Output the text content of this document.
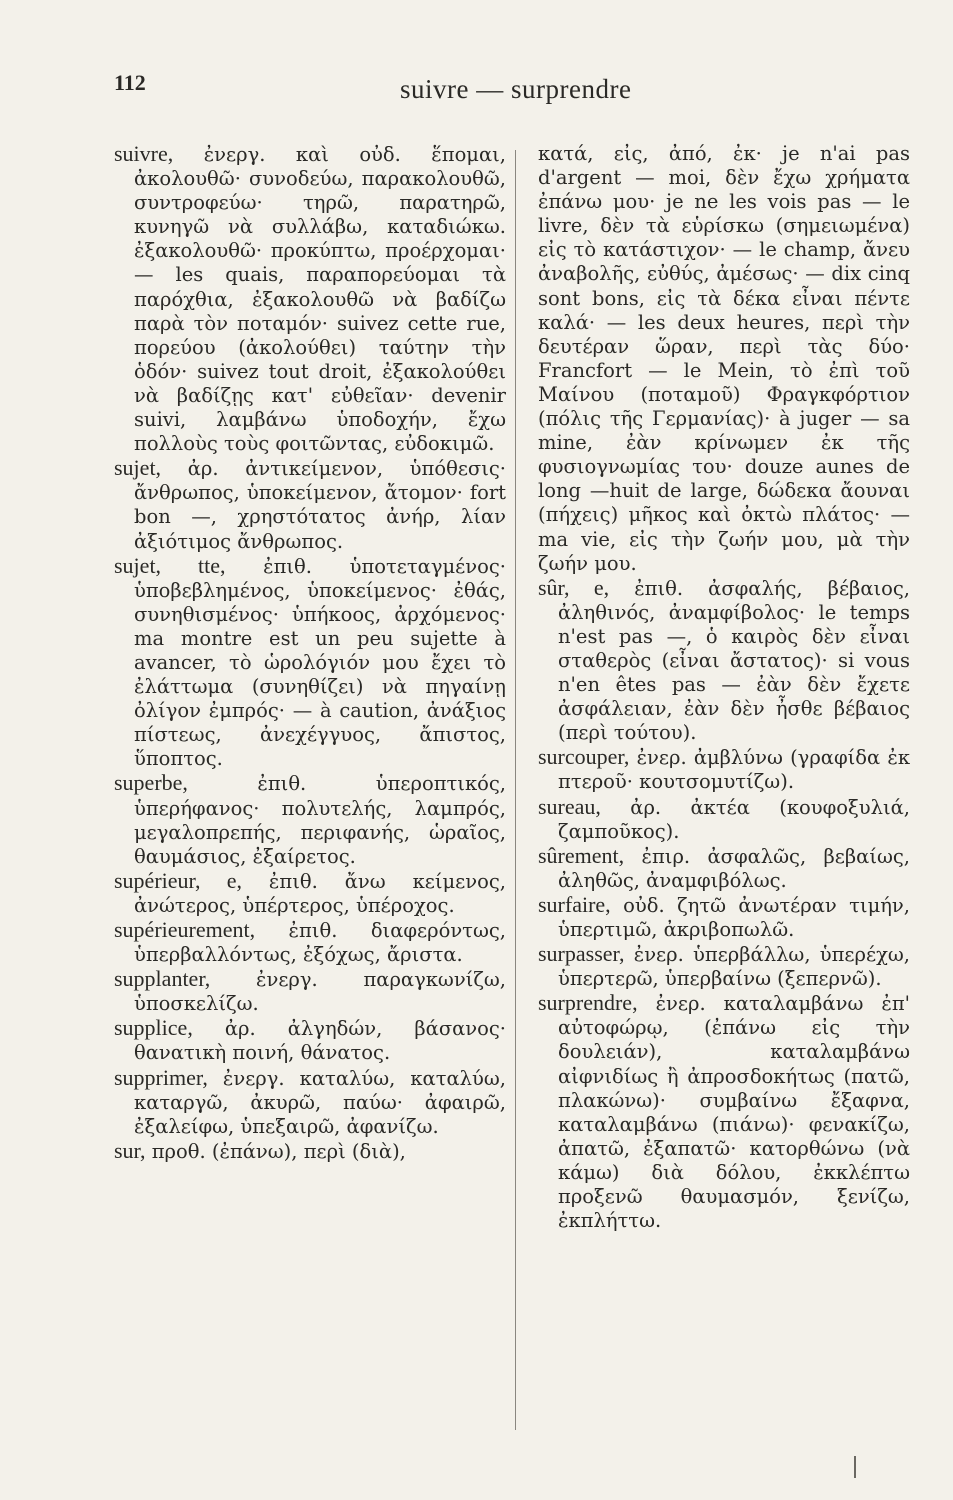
112	suivre — surprendre

suivre, ἐνεργ. καὶ οὐδ. ἕπομαι, ἀκολουθῶ· συνοδεύω, παρακολουθῶ, συντροφεύω· τηρῶ, παρατηρῶ, κυνηγῶ νὰ συλλάβω, καταδιώκω. ἐξακολουθῶ· προκύπτω, προέρχομαι· — les quais, παραπορεύομαι τὰ παρόχθια, ἐξακολουθῶ νὰ βαδίζω παρὰ τὸν ποταμόν· suivez cette rue, πορεύου (ἀκολούθει) ταύτην τὴν ὁδόν· suivez tout droit, ἐξακολούθει νὰ βαδίζῃς κατ' εὐθεῖαν· devenir suivi, λαμβάνω ὑποδοχήν, ἔχω πολλοὺς τοὺς φοιτῶντας, εὐδοκιμῶ.

sujet, ἀρ. ἀντικείμενον, ὑπόθεσις· ἄνθρωπος, ὑποκείμενον, ἄτομον· fort bon —, χρηστότατος ἀνήρ, λίαν ἀξιότιμος ἄνθρωπος.

sujet, tte, ἐπιθ. ὑποτεταγμένος· ὑποβεβλημένος, ὑποκείμενος· ἐθάς, συνηθισμένος· ὑπήκοος, ἀρχόμενος· ma montre est un peu sujette à avancer, τὸ ὡρολόγιόν μου ἔχει τὸ ἐλάττωμα (συνηθίζει) νὰ πηγαίνῃ ὀλίγον ἐμπρός· — à caution, ἀνάξιος πίστεως, ἀνεχέγγυος, ἄπιστος, ὕποπτος.

superbe,	ἐπιθ. ὑπεροπτικός, ὑπερήφανος· πολυτελής, λαμπρός, μεγαλοπρεπής, περιφανής, ὡραῖος, θαυμάσιος, ἐξαίρετος.

supérieur, e, ἐπιθ. ἄνω κείμενος, ἀνώτερος, ὑπέρτερος, ὑπέροχος.

supérieurement, ἐπιθ. διαφερόντως, ὑπερβαλλόντως, ἐξόχως, ἄριστα.

supplanter, ἐνεργ. παραγκωνίζω, ὑποσκελίζω.

supplice, ἀρ. ἀλγηδών, βάσανος· θανατικὴ ποινή, θάνατος.

supprimer, ἐνεργ. καταλύω, καταλύω, καταργῶ, ἀκυρῶ, παύω· ἀφαιρῶ, ἐξαλείφω, ὑπεξαιρῶ, ἀφανίζω.

sur, προθ. (ἐπάνω), περὶ (διὰ),

κατά, εἰς, ἀπό, ἐκ· je n'ai pas d'argent — moi, δὲν ἔχω χρήματα ἐπάνω μου· je ne les vois pas — le livre, δὲν τὰ εὑρίσκω (σημειωμένα) εἰς τὸ κατάστιχον· — le champ, ἄνευ ἀναβολῆς, εὐθύς, ἀμέσως· — dix cinq sont bons, εἰς τὰ δέκα εἶναι πέντε καλά· — les deux heures, περὶ τὴν δευτέραν ὥραν, περὶ τὰς δύο· Francfort — le Mein, τὸ ἐπὶ τοῦ Μαίνου (ποταμοῦ) Φραγκφόρτιον (πόλις τῆς Γερμανίας)· à juger — sa mine, ἐὰν κρίνωμεν ἐκ τῆς φυσιογνωμίας του· douze aunes de long —huit de large, δώδεκα ἄουναι (πήχεις) μῆκος καὶ ὀκτὼ πλάτος· — ma vie, εἰς τὴν ζωήν μου, μὰ τὴν ζωήν μου.

sûr, e, ἐπιθ. ἀσφαλής, βέβαιος, ἀληθινός, ἀναμφίβολος· le temps n'est pas —, ὁ καιρὸς δὲν εἶναι σταθερὸς (εἶναι ἄστατος)· si vous n'en êtes pas — ἐὰν δὲν ἔχετε ἀσφάλειαν, ἐὰν δὲν ἦσθε βέβαιος (περὶ τούτου).

surcouper, ἐνερ. ἀμβλύνω (γραφίδα ἐκ πτεροῦ· κουτσομυτίζω).

sureau, ἀρ. ἀκτέα (κουφοξυλιά, ζαμποῦκος).

sûrement, ἐπιρ. ἀσφαλῶς, βεβαίως, ἀληθῶς, ἀναμφιβόλως.

surfaire, οὐδ. ζητῶ ἀνωτέραν τιμήν, ὑπερτιμῶ, ἀκριβοπωλῶ.

surpasser, ἐνερ. ὑπερβάλλω, ὑπερέχω, ὑπερτερῶ, ὑπερβαίνω (ξεπερνῶ).

surprendre, ἐνερ. καταλαμβάνω ἐπ' αὐτοφώρῳ, (ἐπάνω εἰς τὴν δουλειάν), καταλαμβάνω αἰφνιδίως ἢ ἀπροσδοκήτως (πατῶ, πλακώνω)· συμβαίνω ἔξαφνα, καταλαμβάνω (πιάνω)· φενακίζω, ἀπατῶ, ἐξαπατῶ· κατορθώνω (νὰ κάμω) διὰ δόλου, ἐκκλέπτω προξενῶ θαυμασμόν, ξενίζω, ἐκπλήττω.
